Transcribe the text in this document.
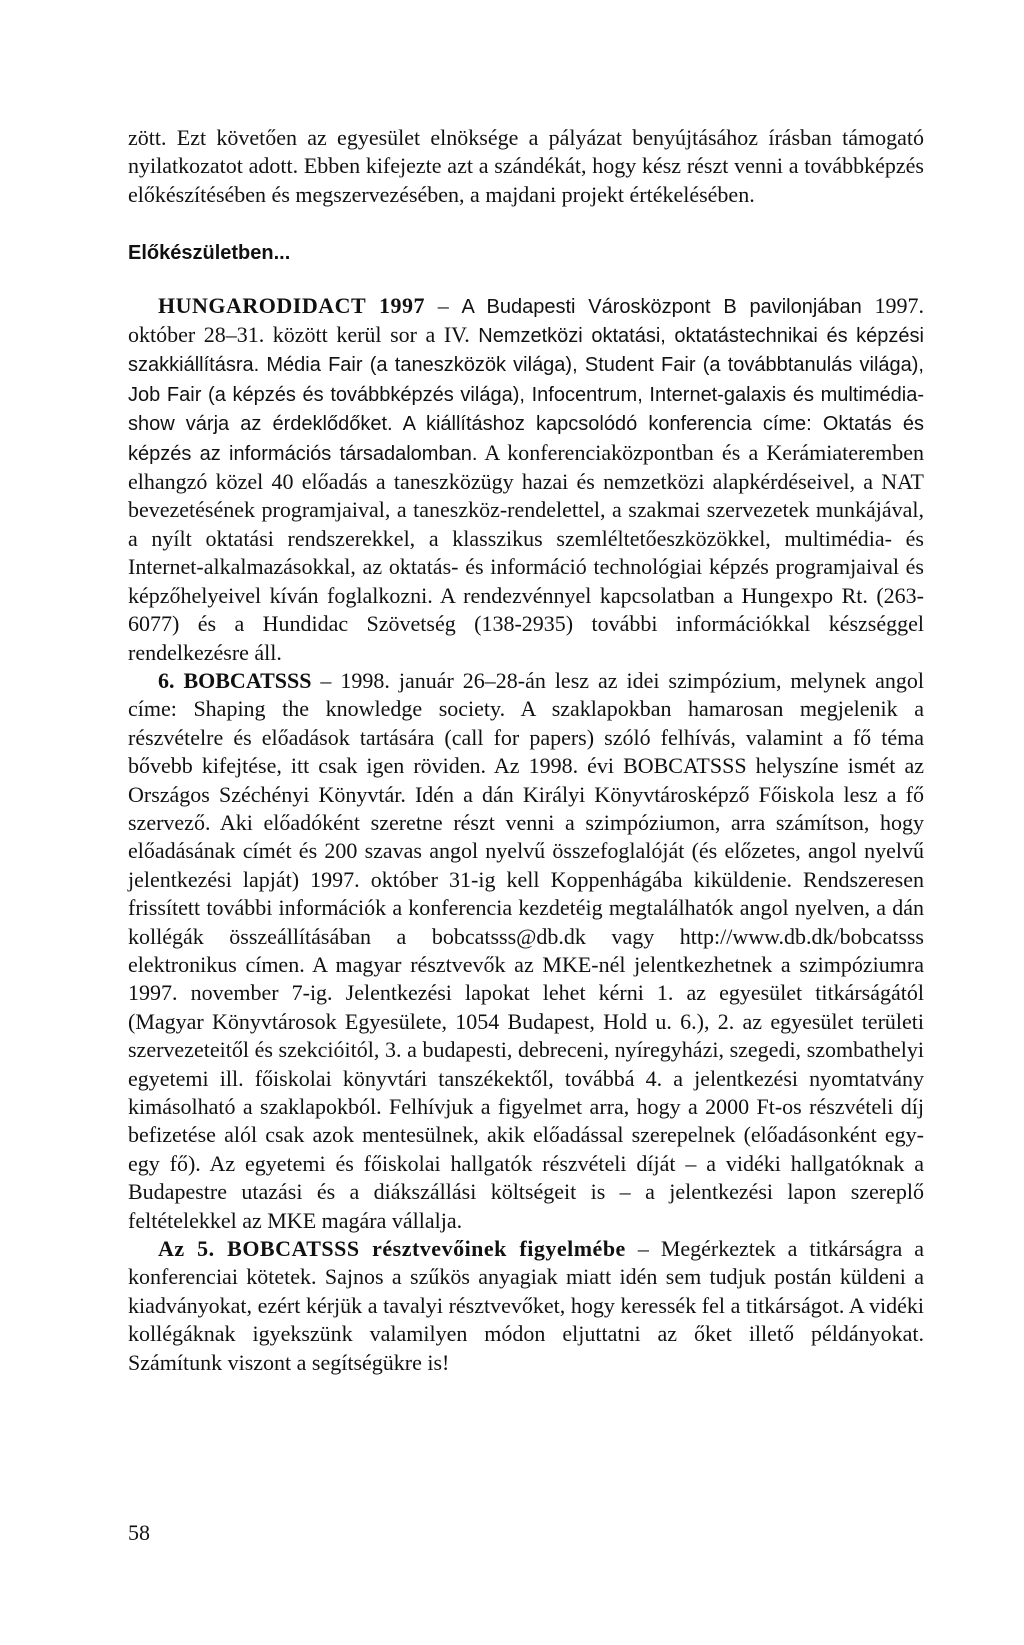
zött. Ezt követően az egyesület elnöksége a pályázat benyújtásához írásban támogató nyilatkozatot adott. Ebben kifejezte azt a szándékát, hogy kész részt venni a továbbképzés előkészítésében és megszervezésében, a majdani projekt értékelésében.

Előkészületben...

HUNGARODIDACT 1997 – A Budapesti Városközpont B pavilonjában 1997. október 28–31. között kerül sor a IV. Nemzetközi oktatási, oktatástechnikai és képzési szakkiállításra. Média Fair (a taneszközök világa), Student Fair (a továbbtanulás világa), Job Fair (a képzés és továbbképzés világa), Infocentrum, Internet-galaxis és multimédia-show várja az érdeklődőket. A kiállításhoz kapcsolódó konferencia címe: Oktatás és képzés az információs társadalomban. A konferenciaközpontban és a Kerámiateremben elhangzó közel 40 előadás a taneszközügy hazai és nemzetközi alapkérdéseivel, a NAT bevezetésének programjaival, a taneszköz-rendelettel, a szakmai szervezetek munkájával, a nyílt oktatási rendszerekkel, a klasszikus szemléltetőeszközökkel, multimédia- és Internet-alkalmazásokkal, az oktatás- és információ technológiai képzés programjaival és képzőhelyeivel kíván foglalkozni. A rendezvénnyel kapcsolatban a Hungexpo Rt. (263-6077) és a Hundidac Szövetség (138-2935) további információkkal készséggel rendelkezésre áll.

6. BOBCATSSS – 1998. január 26–28-án lesz az idei szimpózium, melynek angol címe: Shaping the knowledge society. A szaklapokban hamarosan megjelenik a részvételre és előadások tartására (call for papers) szóló felhívás, valamint a fő téma bővebb kifejtése, itt csak igen röviden. Az 1998. évi BOBCATSSS helyszíne ismét az Országos Széchényi Könyvtár. Idén a dán Királyi Könyvtárosképző Főiskola lesz a fő szervező. Aki előadóként szeretne részt venni a szimpóziumon, arra számítson, hogy előadásának címét és 200 szavas angol nyelvű összefoglalóját (és előzetes, angol nyelvű jelentkezési lapját) 1997. október 31-ig kell Koppenhágába kiküldenie. Rendszeresen frissített további információk a konferencia kezdetéig megtalálhatók angol nyelven, a dán kollégák összeállításában a bobcatsss@db.dk vagy http://www.db.dk/bobcatsss elektronikus címen. A magyar résztvevők az MKE-nél jelentkezhetnek a szimpóziumra 1997. november 7-ig. Jelentkezési lapokat lehet kérni 1. az egyesület titkárságától (Magyar Könyvtárosok Egyesülete, 1054 Budapest, Hold u. 6.), 2. az egyesület területi szervezeteitől és szekcióitól, 3. a budapesti, debreceni, nyíregyházi, szegedi, szombathelyi egyetemi ill. főiskolai könyvtári tanszékektől, továbbá 4. a jelentkezési nyomtatvány kimásolható a szaklapokból. Felhívjuk a figyelmet arra, hogy a 2000 Ft-os részvételi díj befizetése alól csak azok mentesülnek, akik előadással szerepelnek (előadásonként egy-egy fő). Az egyetemi és főiskolai hallgatók részvételi díját – a vidéki hallgatóknak a Budapestre utazási és a diákszállási költségeit is – a jelentkezési lapon szereplő feltételekkel az MKE magára vállalja.

Az 5. BOBCATSSS résztvevőinek figyelmébe – Megérkeztek a titkárságra a konferenciai kötetek. Sajnos a szűkös anyagiak miatt idén sem tudjuk postán küldeni a kiadványokat, ezért kérjük a tavalyi résztvevőket, hogy keressék fel a titkárságot. A vidéki kollégáknak igyekszünk valamilyen módon eljuttatni az őket illető példányokat. Számítunk viszont a segítségükre is!

58
